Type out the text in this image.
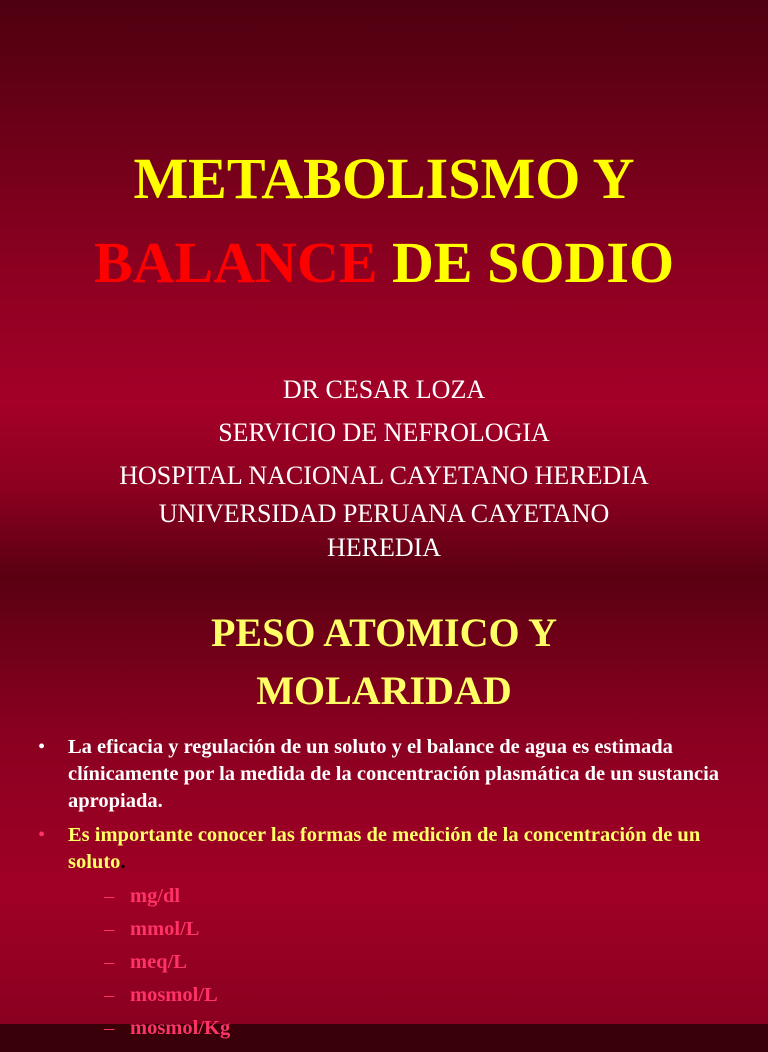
METABOLISMO Y
BALANCE DE SODIO
DR CESAR LOZA
SERVICIO DE NEFROLOGIA
HOSPITAL NACIONAL CAYETANO HEREDIA
UNIVERSIDAD PERUANA CAYETANO
HEREDIA
PESO ATOMICO Y
MOLARIDAD
• La eficacia y regulación de un soluto y el balance de agua es estimada clínicamente por la medida de la concentración plasmática de un sustancia apropiada.
• Es importante conocer las formas de medición de la concentración de un soluto.
– mg/dl
– mmol/L
– meq/L
– mosmol/L
– mosmol/Kg
